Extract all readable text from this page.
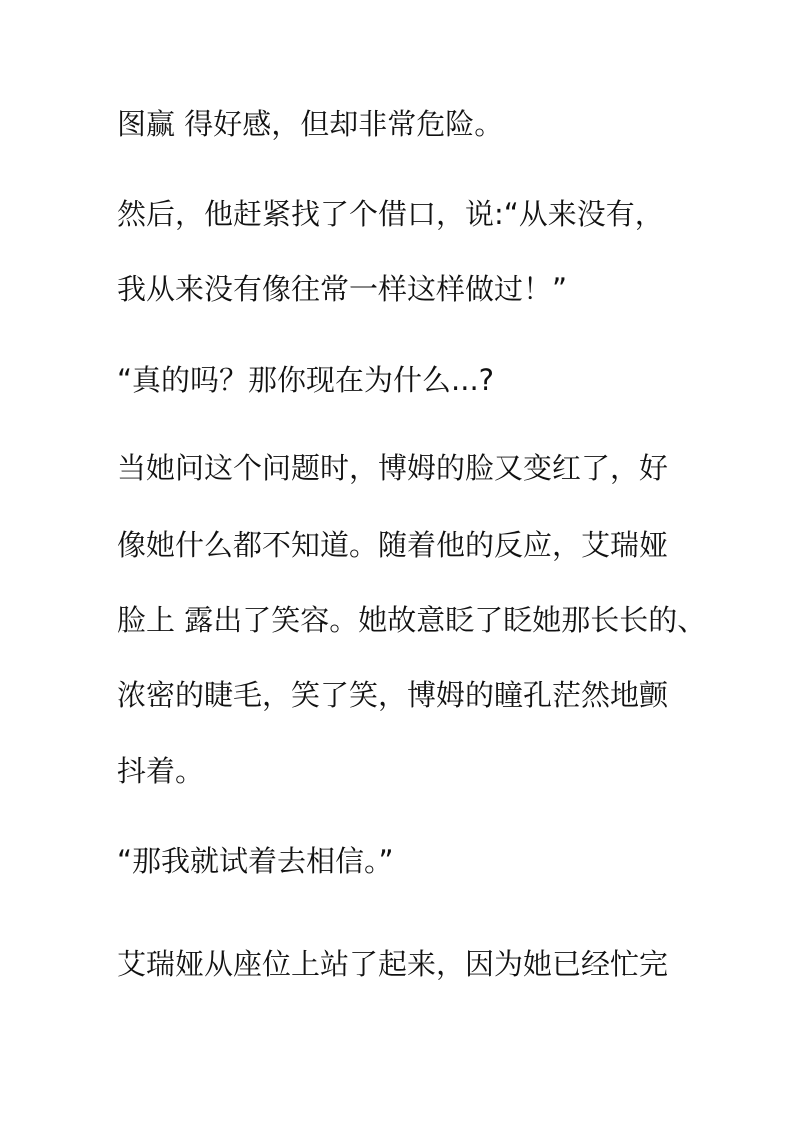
图赢 得好感，但却非常危险。

然后，他赶紧找了个借口，说:“从来没有，

我从来没有像往常一样这样做过！”

“真的吗？那你现在为什么...?

当她问这个问题时，博姆的脸又变红了，好

像她什么都不知道。随着他的反应，艾瑞娅

脸上 露出了笑容。她故意眨了眨她那长长的、

浓密的睫毛，笑了笑，博姆的瞳孔茫然地颤

抖着。

“那我就试着去相信。”

艾瑞娅从座位上站了起来，因为她已经忙完
